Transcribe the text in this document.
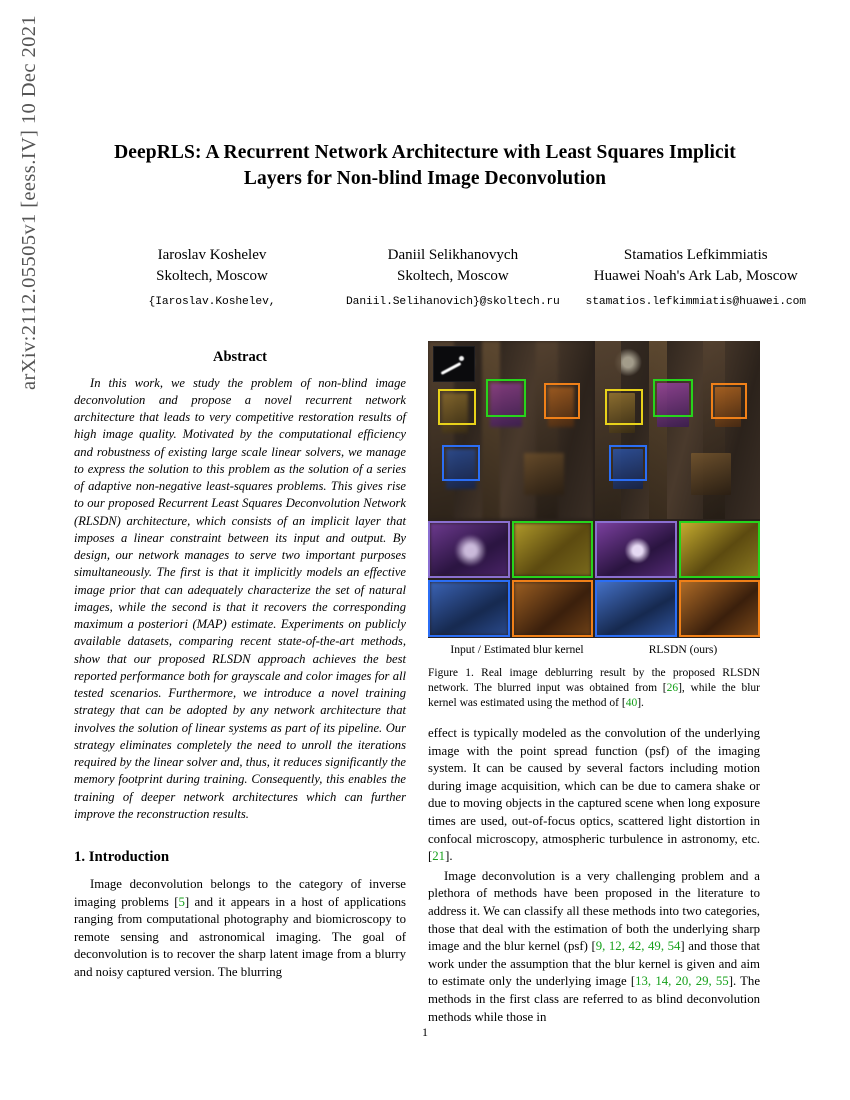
arXiv:2112.05505v1 [eess.IV] 10 Dec 2021	DeepRLS: A Recurrent Network Architecture with Least Squares Implicit
Layers for Non-blind Image Deconvolution
Iaroslav Koshelev
Skoltech, Moscow
{Iaroslav.Koshelev,
Daniil Selikhanovych
Skoltech, Moscow
Daniil.Selihanovich}@skoltech.ru
Stamatios Lefkimmiatis
Huawei Noah's Ark Lab, Moscow
stamatios.lefkimmiatis@huawei.com
Abstract

In this work, we study the problem of non-blind image deconvolution and propose a novel recurrent network architecture that leads to very competitive restoration results of high image quality. Motivated by the computational efficiency and robustness of existing large scale linear solvers, we manage to express the solution to this problem as the solution of a series of adaptive non-negative least-squares problems. This gives rise to our proposed Recurrent Least Squares Deconvolution Network (RLSDN) architecture, which consists of an implicit layer that imposes a linear constraint between its input and output. By design, our network manages to serve two important purposes simultaneously. The first is that it implicitly models an effective image prior that can adequately characterize the set of natural images, while the second is that it recovers the corresponding maximum a posteriori (MAP) estimate. Experiments on publicly available datasets, comparing recent state-of-the-art methods, show that our proposed RLSDN approach achieves the best reported performance both for grayscale and color images for all tested scenarios. Furthermore, we introduce a novel training strategy that can be adopted by any network architecture that involves the solution of linear systems as part of its pipeline. Our strategy eliminates completely the need to unroll the iterations required by the linear solver and, thus, it reduces significantly the memory footprint during training. Consequently, this enables the training of deeper network architectures which can further improve the reconstruction results.

1. Introduction

Image deconvolution belongs to the category of inverse imaging problems [5] and it appears in a host of applications ranging from computational photography and biomicroscopy to remote sensing and astronomical imaging. The goal of deconvolution is to recover the sharp latent image from a blurry and noisy captured version. The blurring

Input / Estimated blur kernel	RLSDN (ours)
Figure 1. Real image deblurring result by the proposed RLSDN network. The blurred input was obtained from [26], while the blur kernel was estimated using the method of [40].

effect is typically modeled as the convolution of the underlying image with the point spread function (psf) of the imaging system. It can be caused by several factors including motion during image acquisition, which can be due to camera shake or due to moving objects in the captured scene when long exposure times are used, out-of-focus optics, scattered light distortion in confocal microscopy, atmospheric turbulence in astronomy, etc. [21].

Image deconvolution is a very challenging problem and a plethora of methods have been proposed in the literature to address it. We can classify all these methods into two categories, those that deal with the estimation of both the underlying sharp image and the blur kernel (psf) [9, 12, 42, 49, 54] and those that work under the assumption that the blur kernel is given and aim to estimate only the underlying image [13, 14, 20, 29, 55]. The methods in the first class are referred to as blind deconvolution methods while those in

1
